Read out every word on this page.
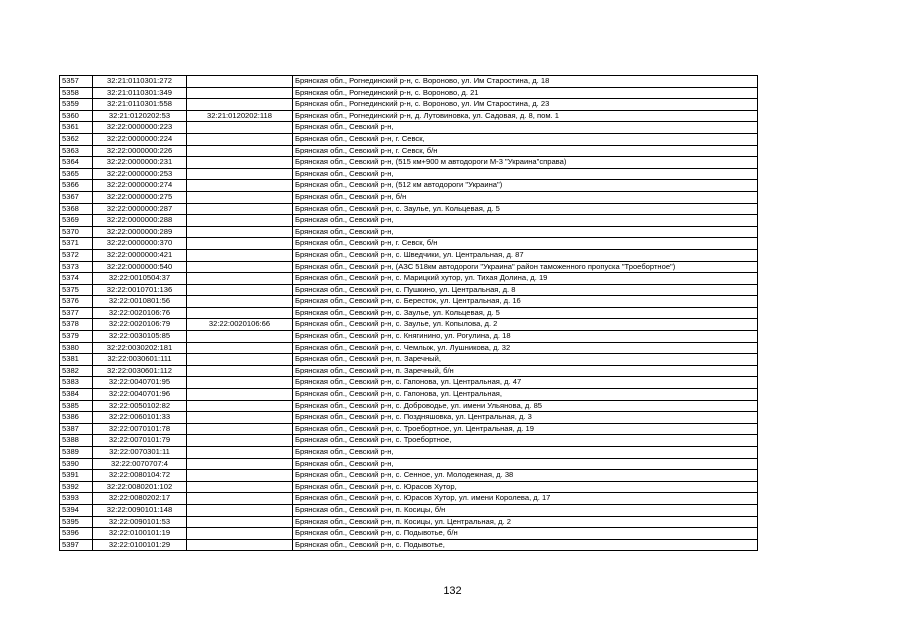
5357	32:21:0110301:272		Брянская обл., Рогнединский р-н, с. Вороново, ул. Им Старостина, д. 18
5358	32:21:0110301:349		Брянская обл., Рогнединский р-н, с. Вороново, д. 21
5359	32:21:0110301:558		Брянская обл., Рогнединский р-н, с. Вороново, ул. Им Старостина, д. 23
5360	32:21:0120202:53	32:21:0120202:118	Брянская обл., Рогнединский р-н, д. Лутовиновка, ул. Садовая, д. 8, пом. 1
5361	32:22:0000000:223		Брянская обл., Севский р-н,
5362	32:22:0000000:224		Брянская обл., Севский р-н, г. Севск,
5363	32:22:0000000:226		Брянская обл., Севский р-н, г. Севск, б/н
5364	32:22:0000000:231		Брянская обл., Севский р-н, (515 км+900 м автодороги М-3 "Украина"справа)
5365	32:22:0000000:253		Брянская обл., Севский р-н,
5366	32:22:0000000:274		Брянская обл., Севский р-н, (512 км автодороги "Украина")
5367	32:22:0000000:275		Брянская обл., Севский р-н, б/н
5368	32:22:0000000:287		Брянская обл., Севский р-н, с. Заулье, ул. Кольцевая, д. 5
5369	32:22:0000000:288		Брянская обл., Севский р-н,
5370	32:22:0000000:289		Брянская обл., Севский р-н,
5371	32:22:0000000:370		Брянская обл., Севский р-н, г. Севск, б/н
5372	32:22:0000000:421		Брянская обл., Севский р-н, с. Шведчики, ул. Центральная, д. 87
5373	32:22:0000000:540		Брянская обл., Севский р-н, (АЗС 518км автодороги "Украина" район таможенного пропуска "Троебортное")
5374	32:22:0010504:37		Брянская обл., Севский р-н, с. Марицкий хутор, ул. Тихая Долина, д. 19
5375	32:22:0010701:136		Брянская обл., Севский р-н, с. Пушкино, ул. Центральная, д. 8
5376	32:22:0010801:56		Брянская обл., Севский р-н, с. Бересток, ул. Центральная, д. 16
5377	32:22:0020106:76		Брянская обл., Севский р-н, с. Заулье, ул. Кольцевая, д. 5
5378	32:22:0020106:79	32:22:0020106:66	Брянская обл., Севский р-н, с. Заулье, ул. Копылова, д. 2
5379	32:22:0030105:85		Брянская обл., Севский р-н, с. Княгинино, ул. Рогулина, д. 18
5380	32:22:0030202:181		Брянская обл., Севский р-н, с. Чемлыж, ул. Лушникова, д. 32
5381	32:22:0030601:111		Брянская обл., Севский р-н, п. Заречный,
5382	32:22:0030601:112		Брянская обл., Севский р-н, п. Заречный, б/н
5383	32:22:0040701:95		Брянская обл., Севский р-н, с. Гапонова, ул. Центральная, д. 47
5384	32:22:0040701:96		Брянская обл., Севский р-н, с. Гапонова, ул. Центральная,
5385	32:22:0050102:82		Брянская обл., Севский р-н, с. Доброводье, ул. имени Ульянова, д. 85
5386	32:22:0060101:33		Брянская обл., Севский р-н, с. Поздняшовка, ул. Центральная, д. 3
5387	32:22:0070101:78		Брянская обл., Севский р-н, с. Троебортное, ул. Центральная, д. 19
5388	32:22:0070101:79		Брянская обл., Севский р-н, с. Троебортное,
5389	32:22:0070301:11		Брянская обл., Севский р-н,
5390	32:22:0070707:4		Брянская обл., Севский р-н,
5391	32:22:0080104:72		Брянская обл., Севский р-н, с. Сенное, ул. Молодежная, д. 38
5392	32:22:0080201:102		Брянская обл., Севский р-н, с. Юрасов Хутор,
5393	32:22:0080202:17		Брянская обл., Севский р-н, с. Юрасов Хутор, ул. имени Королева, д. 17
5394	32:22:0090101:148		Брянская обл., Севский р-н, п. Косицы, б/н
5395	32:22:0090101:53		Брянская обл., Севский р-н, п. Косицы, ул. Центральная, д. 2
5396	32:22:0100101:19		Брянская обл., Севский р-н, с. Подывотье, б/н
5397	32:22:0100101:29		Брянская обл., Севский р-н, с. Подывотье,
132
